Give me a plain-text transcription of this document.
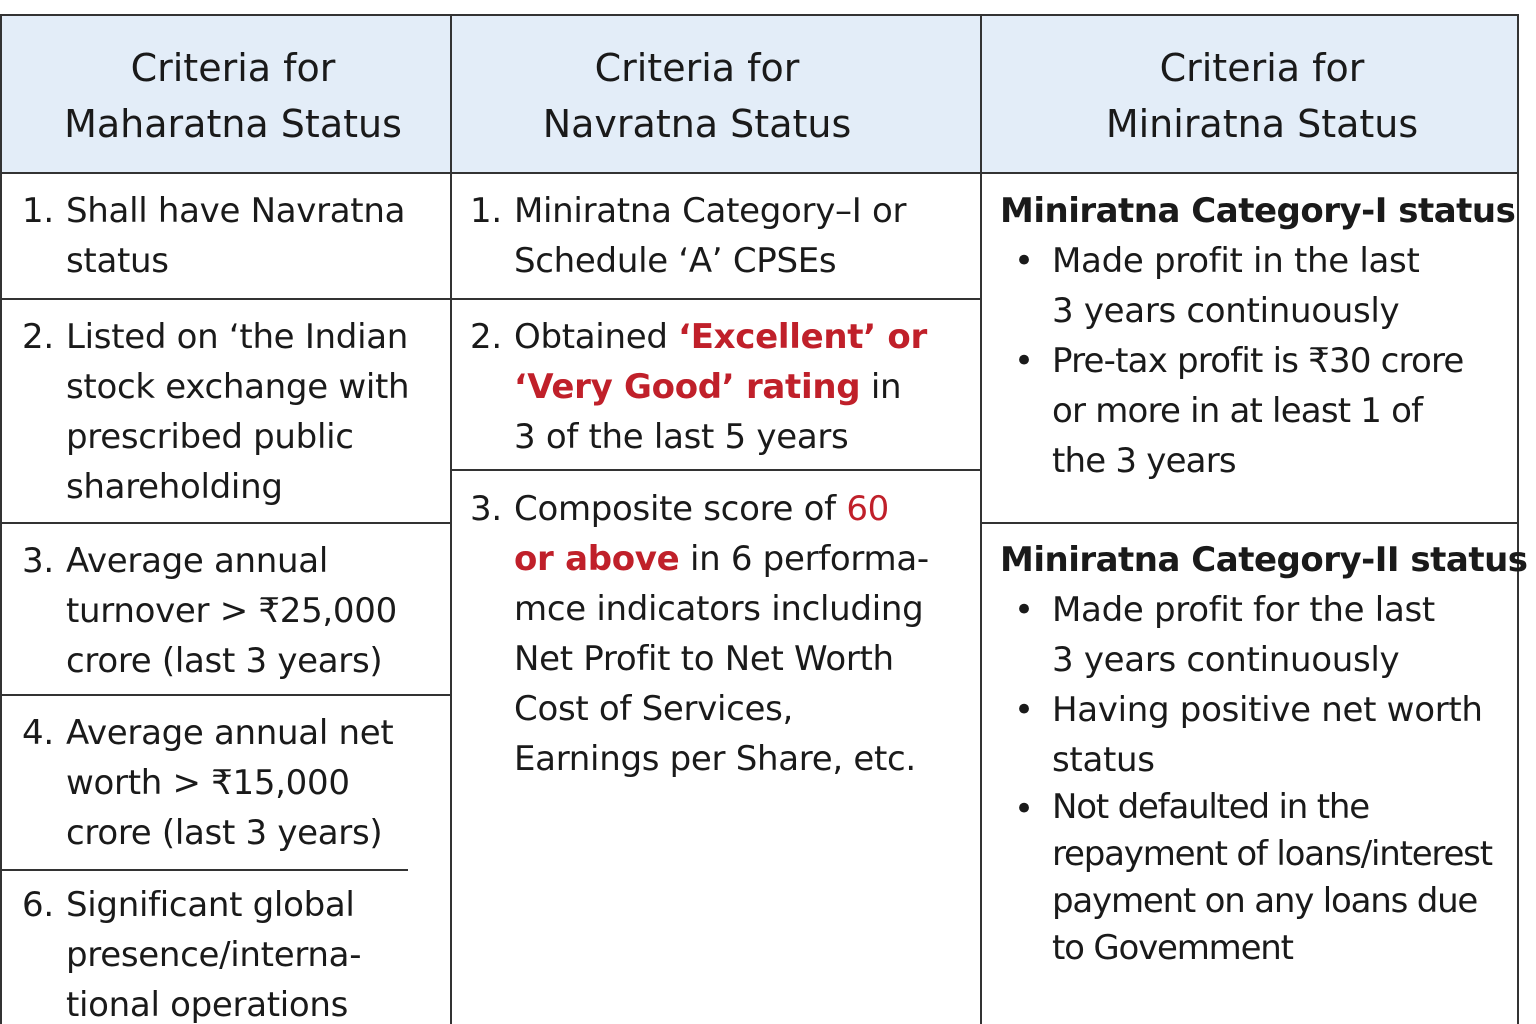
Criteria for
Maharatna Status
Criteria for
Navratna Status
Criteria for
Miniratna Status
1. Shall have Navratna
status
2. Listed on ‘the Indian
stock exchange with
prescribed public
shareholding
3. Average annual
turnover > ₹25,000
crore (last 3 years)
4. Average annual net
worth > ₹15,000
crore (last 3 years)
6. Significant global
presence/interna-
tional operations
1. Miniratna Category–I or
Schedule ‘A’ CPSEs
2. Obtained ‘Excellent’ or
‘Very Good’ rating in
3 of the last 5 years
3. Composite score of 60
or above in 6 performa-
mce indicators including
Net Profit to Net Worth
Cost of Services,
Earnings per Share, etc.
Miniratna Category-I status
• Made profit in the last
3 years continuously
• Pre-tax profit is ₹30 crore
or more in at least 1 of
the 3 years
Miniratna Category-II status
• Made profit for the last
3 years continuously
• Having positive net worth
status
• Not defaulted in the
repayment of loans/interest
payment on any loans due
to Govemment
